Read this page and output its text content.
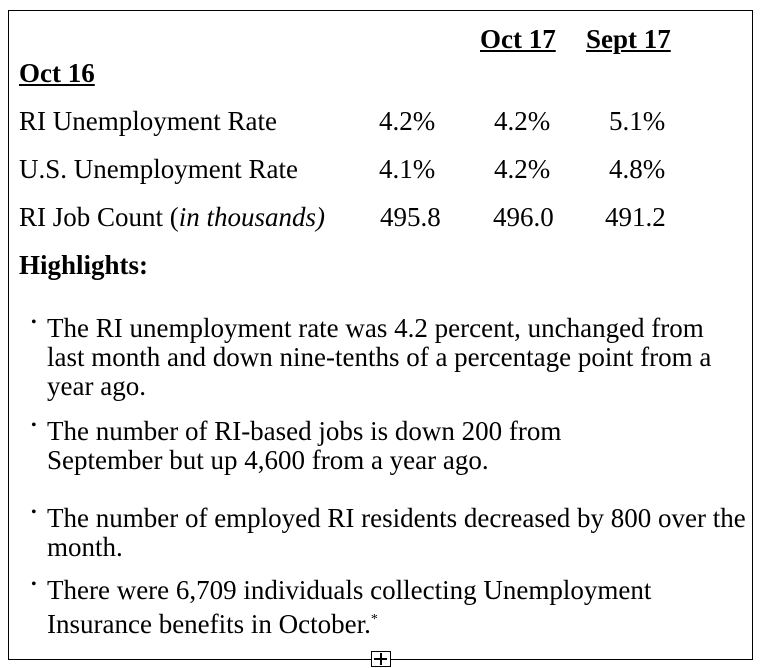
Oct 17 Sept 17
Oct 16
RI Unemployment Rate	4.2% 4.2% 5.1%
U.S. Unemployment Rate	4.1% 4.2% 4.8%
RI Job Count (in thousands) 495.8 496.0 491.2
Highlights:
• The RI unemployment rate was 4.2 percent, unchanged from last month and down nine-tenths of a percentage point from a year ago.
• The number of RI-based jobs is down 200 from September but up 4,600 from a year ago.
• The number of employed RI residents decreased by 800 over the month.
• There were 6,709 individuals collecting Unemployment Insurance benefits in October.*
